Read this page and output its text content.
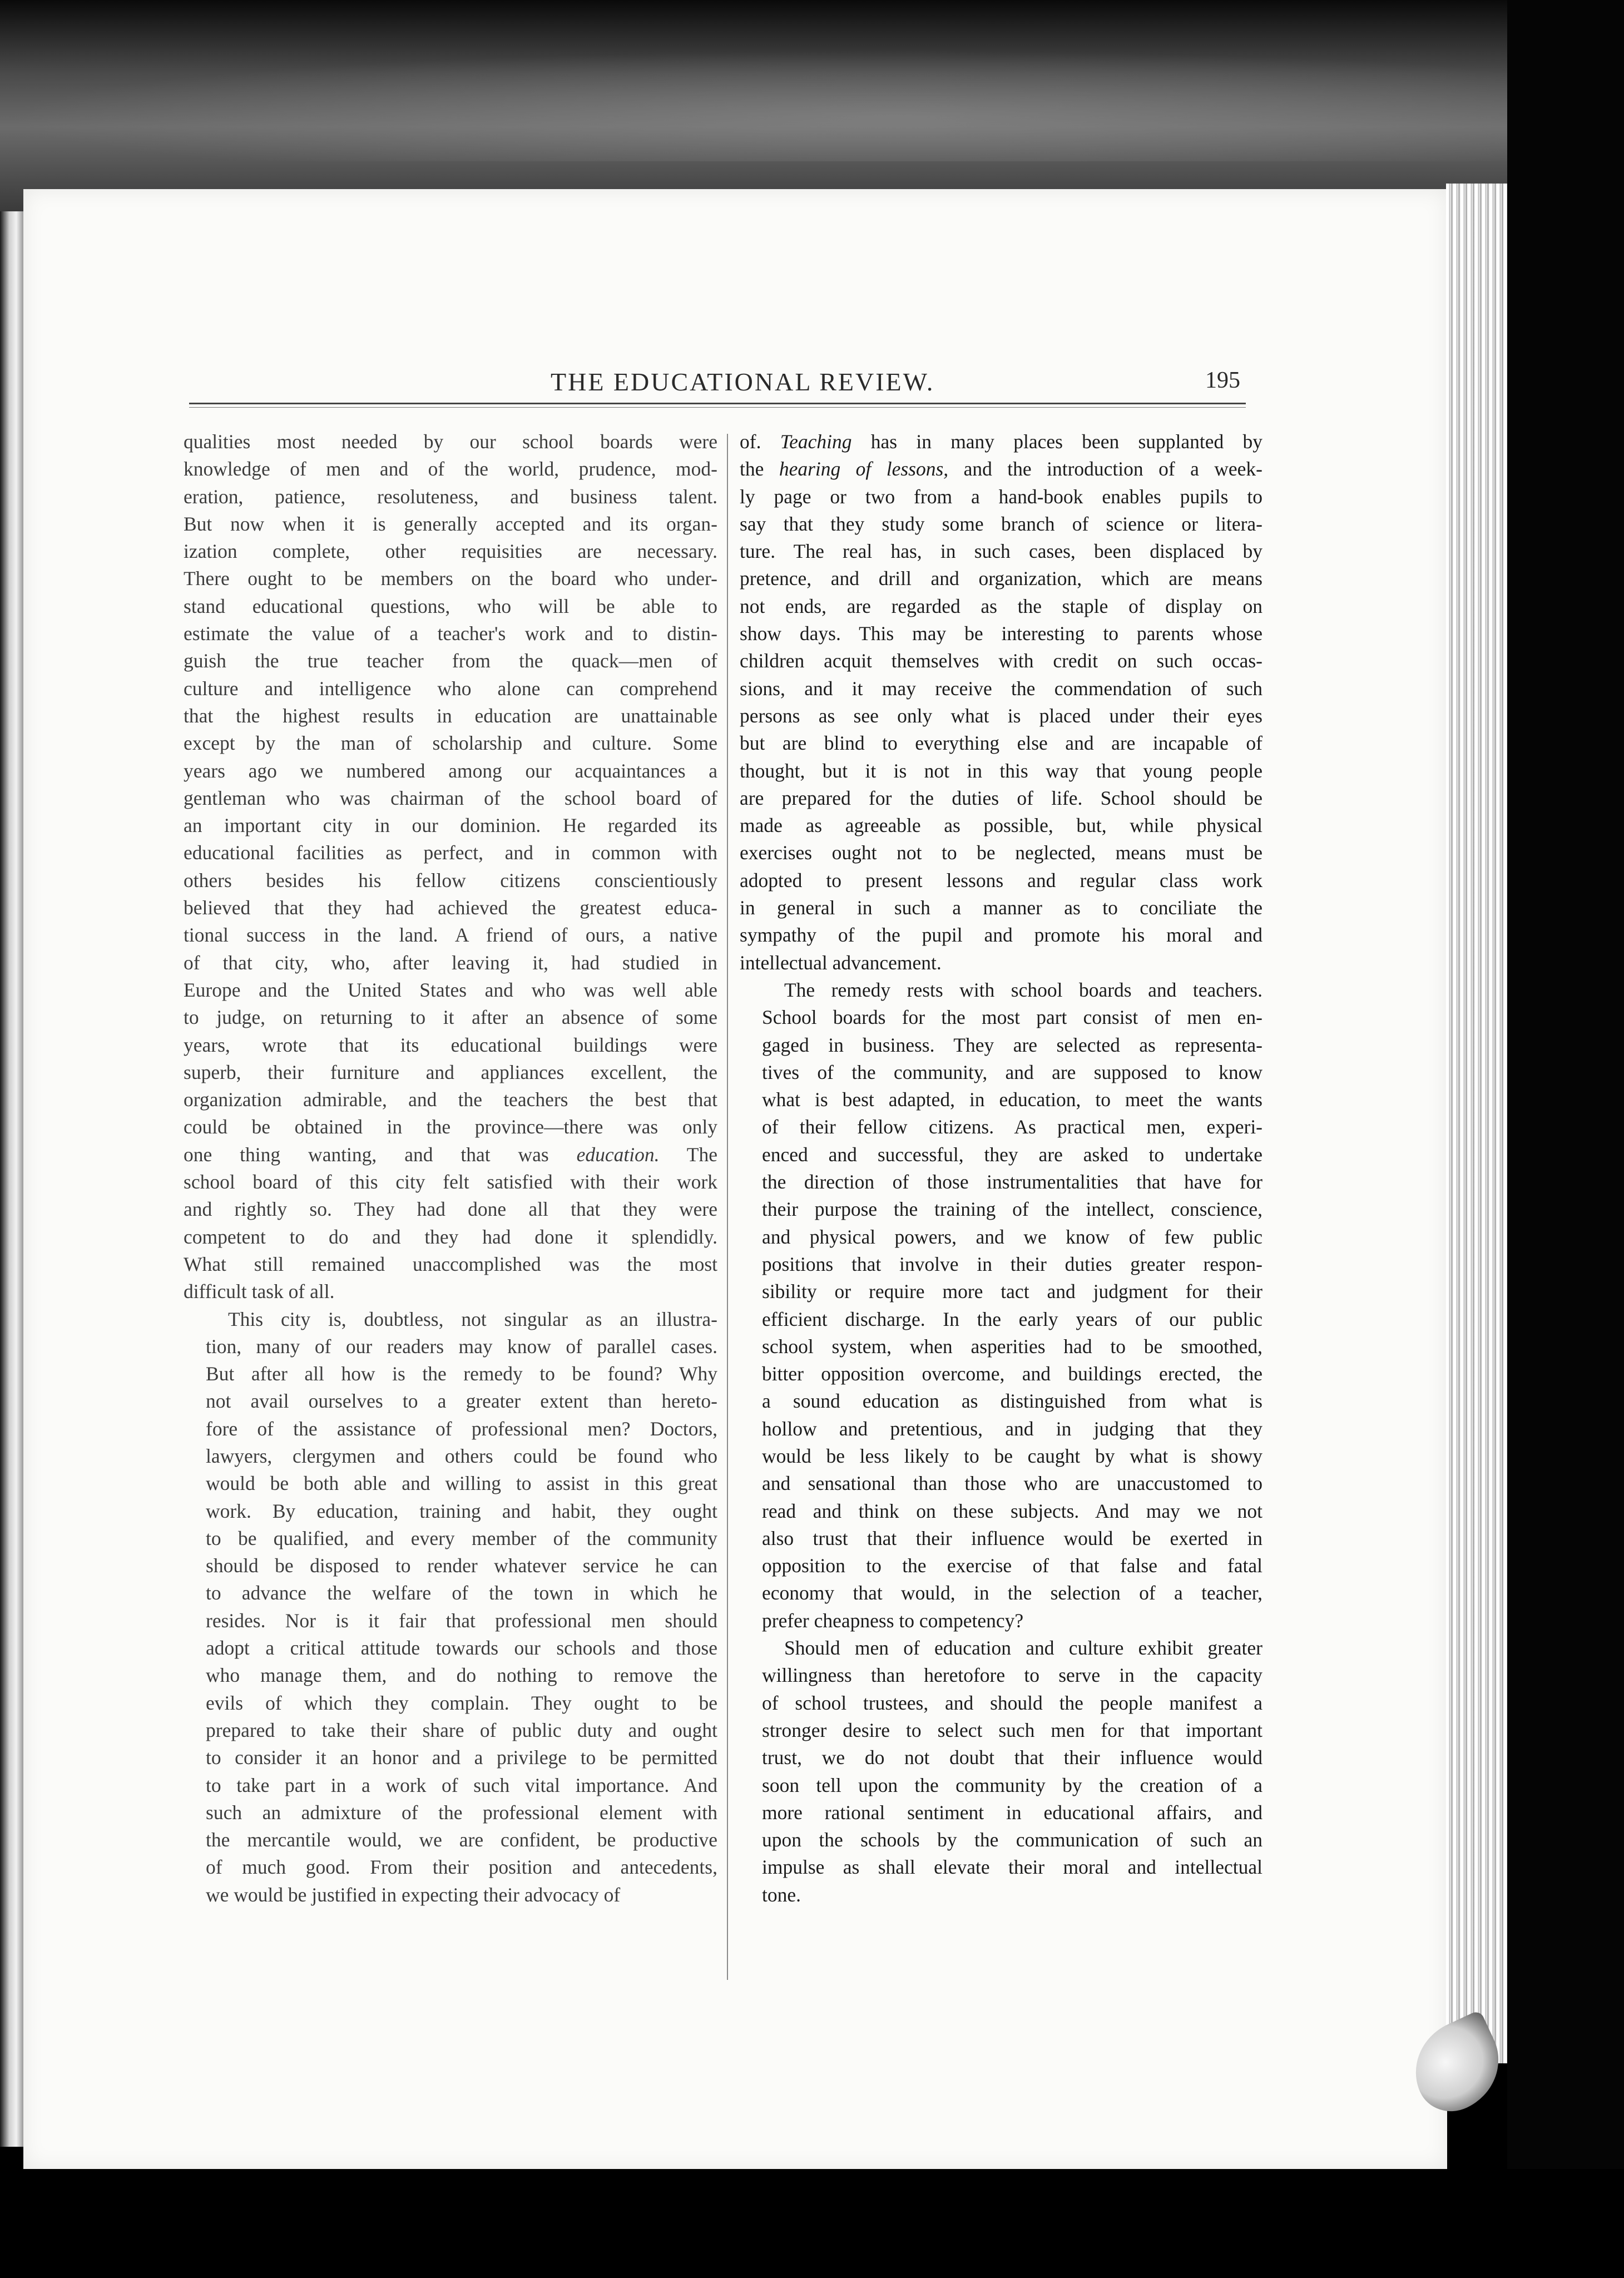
THE EDUCATIONAL REVIEW.	195
qualities most needed by our school boards were
knowledge of men and of the world, prudence, mod-
eration, patience, resoluteness, and business talent.
But now when it is generally accepted and its organ-
ization complete, other requisities are necessary.
There ought to be members on the board who under-
stand educational questions, who will be able to
estimate the value of a teacher's work and to distin-
guish the true teacher from the quack—men of
culture and intelligence who alone can comprehend
that the highest results in education are unattainable
except by the man of scholarship and culture. Some
years ago we numbered among our acquaintances a
gentleman who was chairman of the school board of
an important city in our dominion. He regarded its
educational facilities as perfect, and in common with
others besides his fellow citizens conscientiously
believed that they had achieved the greatest educa-
tional success in the land. A friend of ours, a native
of that city, who, after leaving it, had studied in
Europe and the United States and who was well able
to judge, on returning to it after an absence of some
years, wrote that its educational buildings were
superb, their furniture and appliances excellent, the
organization admirable, and the teachers the best that
could be obtained in the province—there was only
one thing wanting, and that was education. The
school board of this city felt satisfied with their work
and rightly so. They had done all that they were
competent to do and they had done it splendidly.
What still remained unaccomplished was the most
difficult task of all.
This city is, doubtless, not singular as an illustra-
tion, many of our readers may know of parallel cases.
But after all how is the remedy to be found? Why
not avail ourselves to a greater extent than hereto-
fore of the assistance of professional men? Doctors,
lawyers, clergymen and others could be found who
would be both able and willing to assist in this great
work. By education, training and habit, they ought
to be qualified, and every member of the community
should be disposed to render whatever service he can
to advance the welfare of the town in which he
resides. Nor is it fair that professional men should
adopt a critical attitude towards our schools and those
who manage them, and do nothing to remove the
evils of which they complain. They ought to be
prepared to take their share of public duty and ought
to consider it an honor and a privilege to be permitted
to take part in a work of such vital importance. And
such an admixture of the professional element with
the mercantile would, we are confident, be productive
of much good. From their position and antecedents,
we would be justified in expecting their advocacy of
of. Teaching has in many places been supplanted by
the hearing of lessons, and the introduction of a week-
ly page or two from a hand-book enables pupils to
say that they study some branch of science or litera-
ture. The real has, in such cases, been displaced by
pretence, and drill and organization, which are means
not ends, are regarded as the staple of display on
show days. This may be interesting to parents whose
children acquit themselves with credit on such occas-
sions, and it may receive the commendation of such
persons as see only what is placed under their eyes
but are blind to everything else and are incapable of
thought, but it is not in this way that young people
are prepared for the duties of life. School should be
made as agreeable as possible, but, while physical
exercises ought not to be neglected, means must be
adopted to present lessons and regular class work
in general in such a manner as to conciliate the
sympathy of the pupil and promote his moral and
intellectual advancement.
The remedy rests with school boards and teachers.
School boards for the most part consist of men en-
gaged in business. They are selected as representa-
tives of the community, and are supposed to know
what is best adapted, in education, to meet the wants
of their fellow citizens. As practical men, experi-
enced and successful, they are asked to undertake
the direction of those instrumentalities that have for
their purpose the training of the intellect, conscience,
and physical powers, and we know of few public
positions that involve in their duties greater respon-
sibility or require more tact and judgment for their
efficient discharge. In the early years of our public
school system, when asperities had to be smoothed,
bitter opposition overcome, and buildings erected, the
a sound education as distinguished from what is
hollow and pretentious, and in judging that they
would be less likely to be caught by what is showy
and sensational than those who are unaccustomed to
read and think on these subjects. And may we not
also trust that their influence would be exerted in
opposition to the exercise of that false and fatal
economy that would, in the selection of a teacher,
prefer cheapness to competency?
Should men of education and culture exhibit greater
willingness than heretofore to serve in the capacity
of school trustees, and should the people manifest a
stronger desire to select such men for that important
trust, we do not doubt that their influence would
soon tell upon the community by the creation of a
more rational sentiment in educational affairs, and
upon the schools by the communication of such an
impulse as shall elevate their moral and intellectual
tone.
